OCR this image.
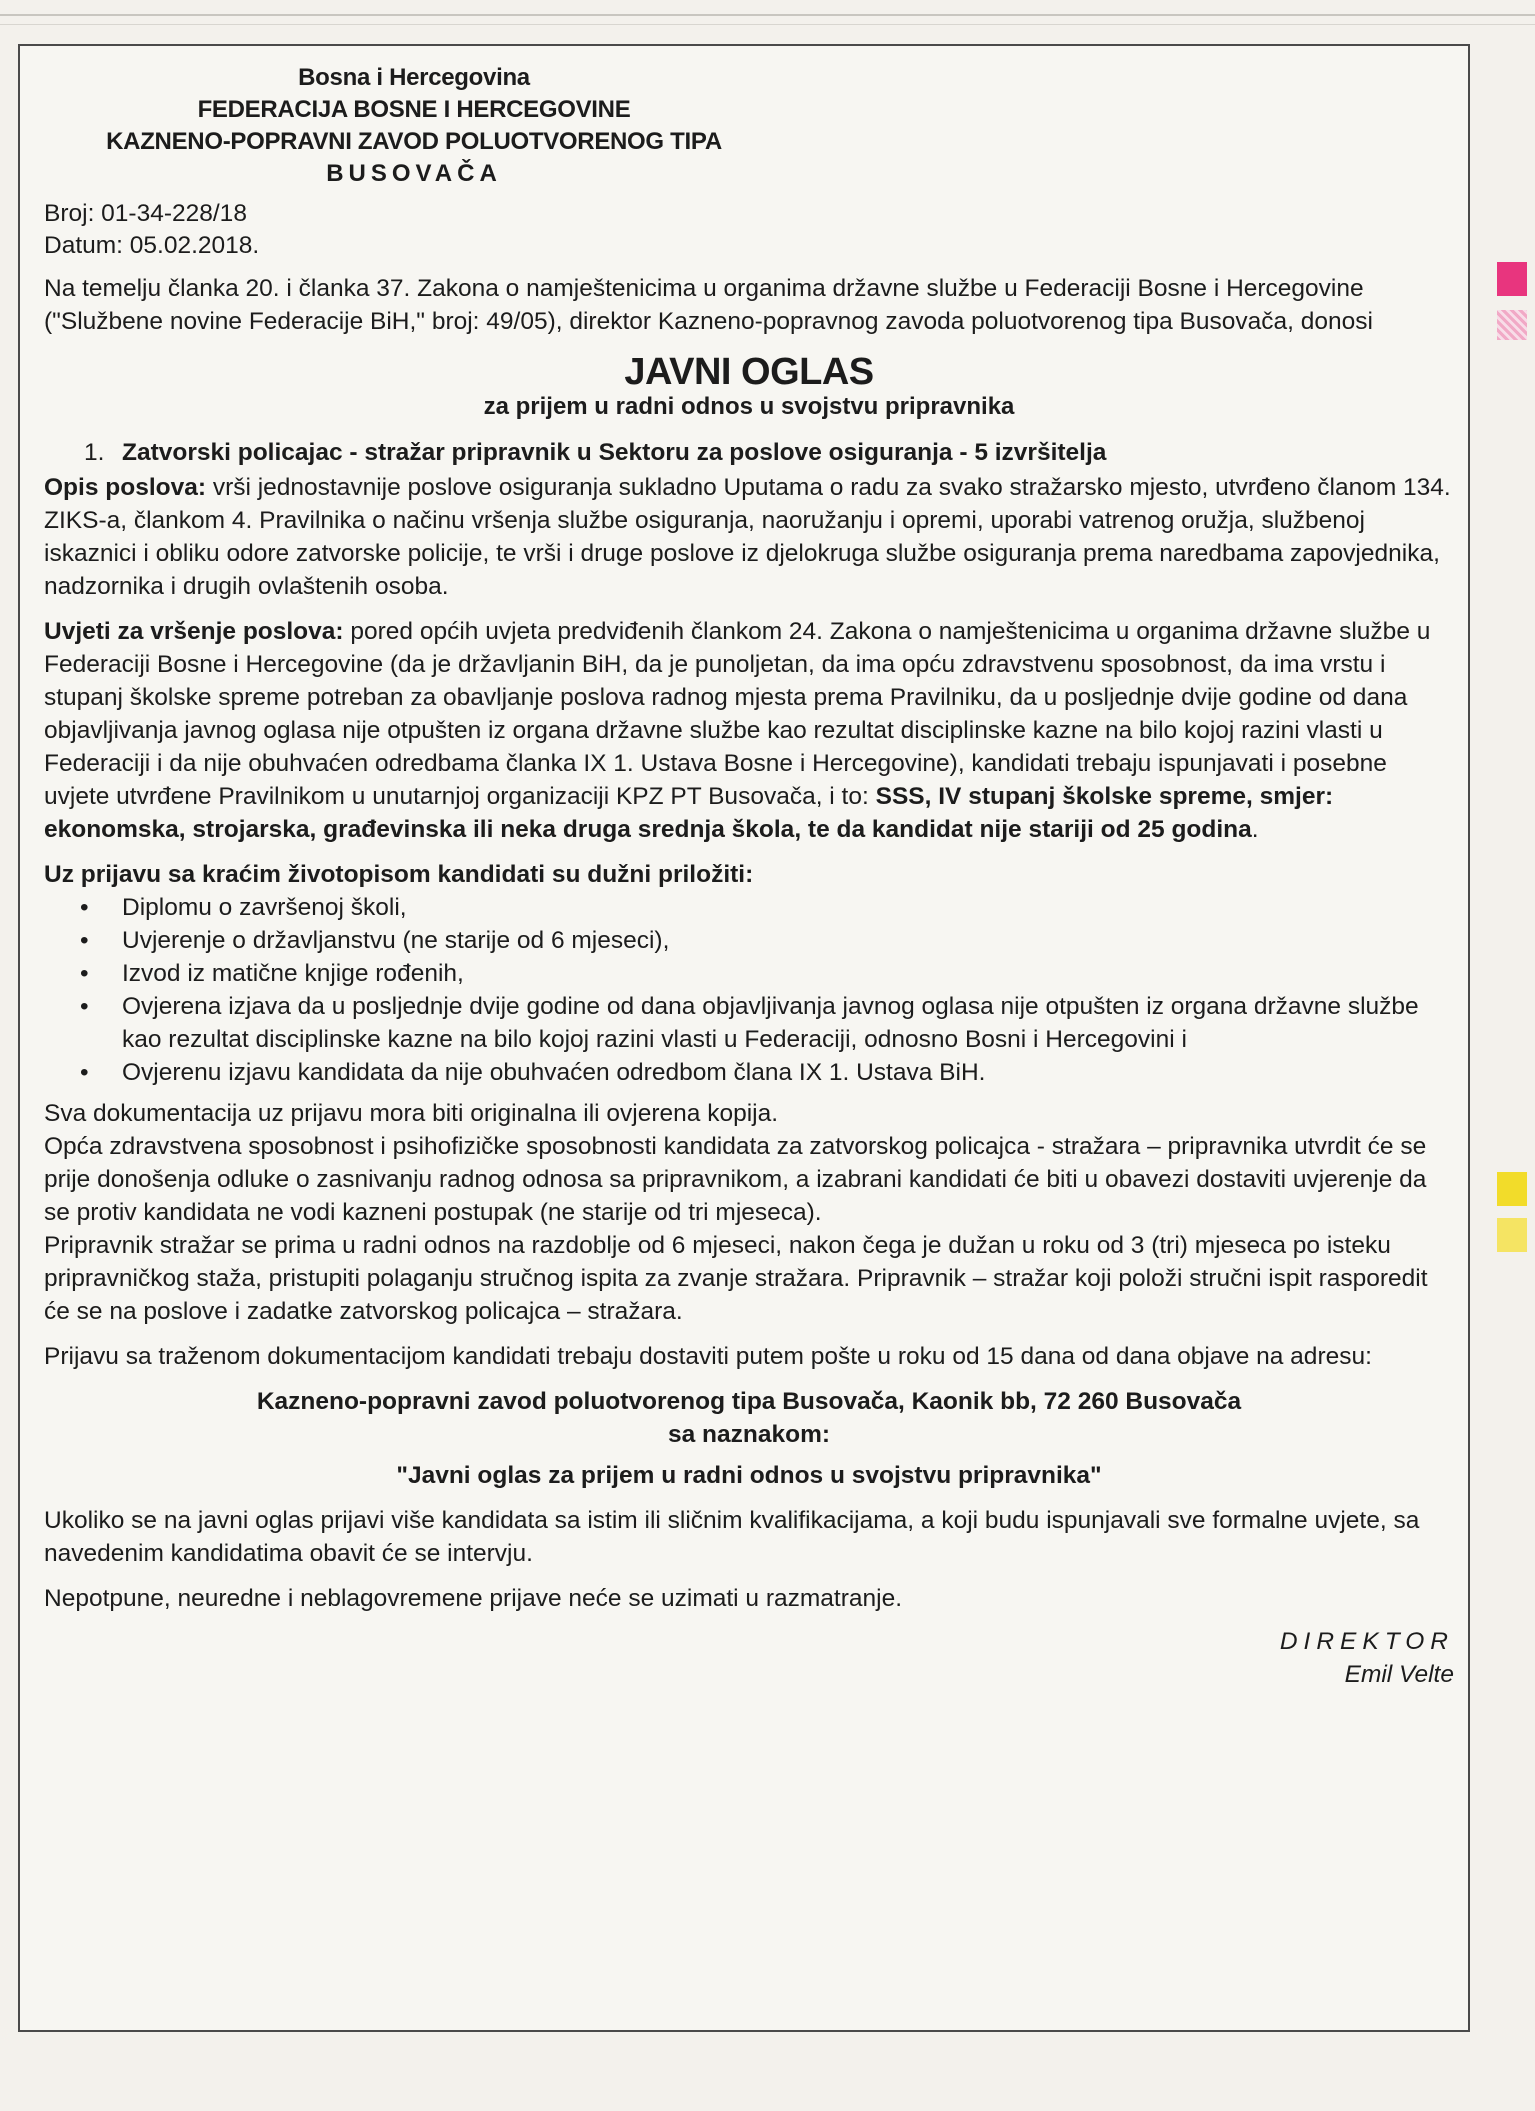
Bosna i Hercegovina
FEDERACIJA BOSNE I HERCEGOVINE
KAZNENO-POPRAVNI ZAVOD POLUOTVORENOG TIPA
BUSOVAČA
Broj: 01-34-228/18
Datum: 05.02.2018.

Na temelju članka 20. i članka 37. Zakona o namještenicima u organima državne službe u Federaciji Bosne i Hercegovine ("Službene novine Federacije BiH," broj: 49/05), direktor Kazneno-popravnog zavoda poluotvorenog tipa Busovača, donosi

JAVNI OGLAS
za prijem u radni odnos u svojstvu pripravnika
1. Zatvorski policajac - stražar pripravnik u Sektoru za poslove osiguranja - 5 izvršitelja

Opis poslova: vrši jednostavnije poslove osiguranja sukladno Uputama o radu za svako stražarsko mjesto, utvrđeno članom 134. ZIKS-a, člankom 4. Pravilnika o načinu vršenja službe osiguranja, naoružanju i opremi, uporabi vatrenog oružja, službenoj iskaznici i obliku odore zatvorske policije, te vrši i druge poslove iz djelokruga službe osiguranja prema naredbama zapovjednika, nadzornika i drugih ovlaštenih osoba.

Uvjeti za vršenje poslova: pored općih uvjeta predviđenih člankom 24. Zakona o namještenicima u organima državne službe u Federaciji Bosne i Hercegovine (da je državljanin BiH, da je punoljetan, da ima opću zdravstvenu sposobnost, da ima vrstu i stupanj školske spreme potreban za obavljanje poslova radnog mjesta prema Pravilniku, da u posljednje dvije godine od dana objavljivanja javnog oglasa nije otpušten iz organa državne službe kao rezultat disciplinske kazne na bilo kojoj razini vlasti u Federaciji i da nije obuhvaćen odredbama članka IX 1. Ustava Bosne i Hercegovine), kandidati trebaju ispunjavati i posebne uvjete utvrđene Pravilnikom u unutarnjoj organizaciji KPZ PT Busovača, i to: SSS, IV stupanj školske spreme, smjer: ekonomska, strojarska, građevinska ili neka druga srednja škola, te da kandidat nije stariji od 25 godina.

Uz prijavu sa kraćim životopisom kandidati su dužni priložiti:

• Diplomu o završenoj školi,
• Uvjerenje o državljanstvu (ne starije od 6 mjeseci),
• Izvod iz matične knjige rođenih,
• Ovjerena izjava da u posljednje dvije godine od dana objavljivanja javnog oglasa nije otpušten iz organa državne službe kao rezultat disciplinske kazne na bilo kojoj razini vlasti u Federaciji, odnosno Bosni i Hercegovini i
• Ovjerenu izjavu kandidata da nije obuhvaćen odredbom člana IX 1. Ustava BiH.

Sva dokumentacija uz prijavu mora biti originalna ili ovjerena kopija.

Opća zdravstvena sposobnost i psihofizičke sposobnosti kandidata za zatvorskog policajca - stražara – pripravnika utvrdit će se prije donošenja odluke o zasnivanju radnog odnosa sa pripravnikom, a izabrani kandidati će biti u obavezi dostaviti uvjerenje da se protiv kandidata ne vodi kazneni postupak (ne starije od tri mjeseca).

Pripravnik stražar se prima u radni odnos na razdoblje od 6 mjeseci, nakon čega je dužan u roku od 3 (tri) mjeseca po isteku pripravničkog staža, pristupiti polaganju stručnog ispita za zvanje stražara. Pripravnik – stražar koji položi stručni ispit rasporedit će se na poslove i zadatke zatvorskog policajca – stražara.

Prijavu sa traženom dokumentacijom kandidati trebaju dostaviti putem pošte u roku od 15 dana od dana objave na adresu:

Kazneno-popravni zavod poluotvorenog tipa Busovača, Kaonik bb, 72 260 Busovača
sa naznakom:
"Javni oglas za prijem u radni odnos u svojstvu pripravnika"

Ukoliko se na javni oglas prijavi više kandidata sa istim ili sličnim kvalifikacijama, a koji budu ispunjavali sve formalne uvjete, sa navedenim kandidatima obavit će se intervju.

Nepotpune, neuredne i neblagovremene prijave neće se uzimati u razmatranje.

DIREKTOR
Emil Velte
